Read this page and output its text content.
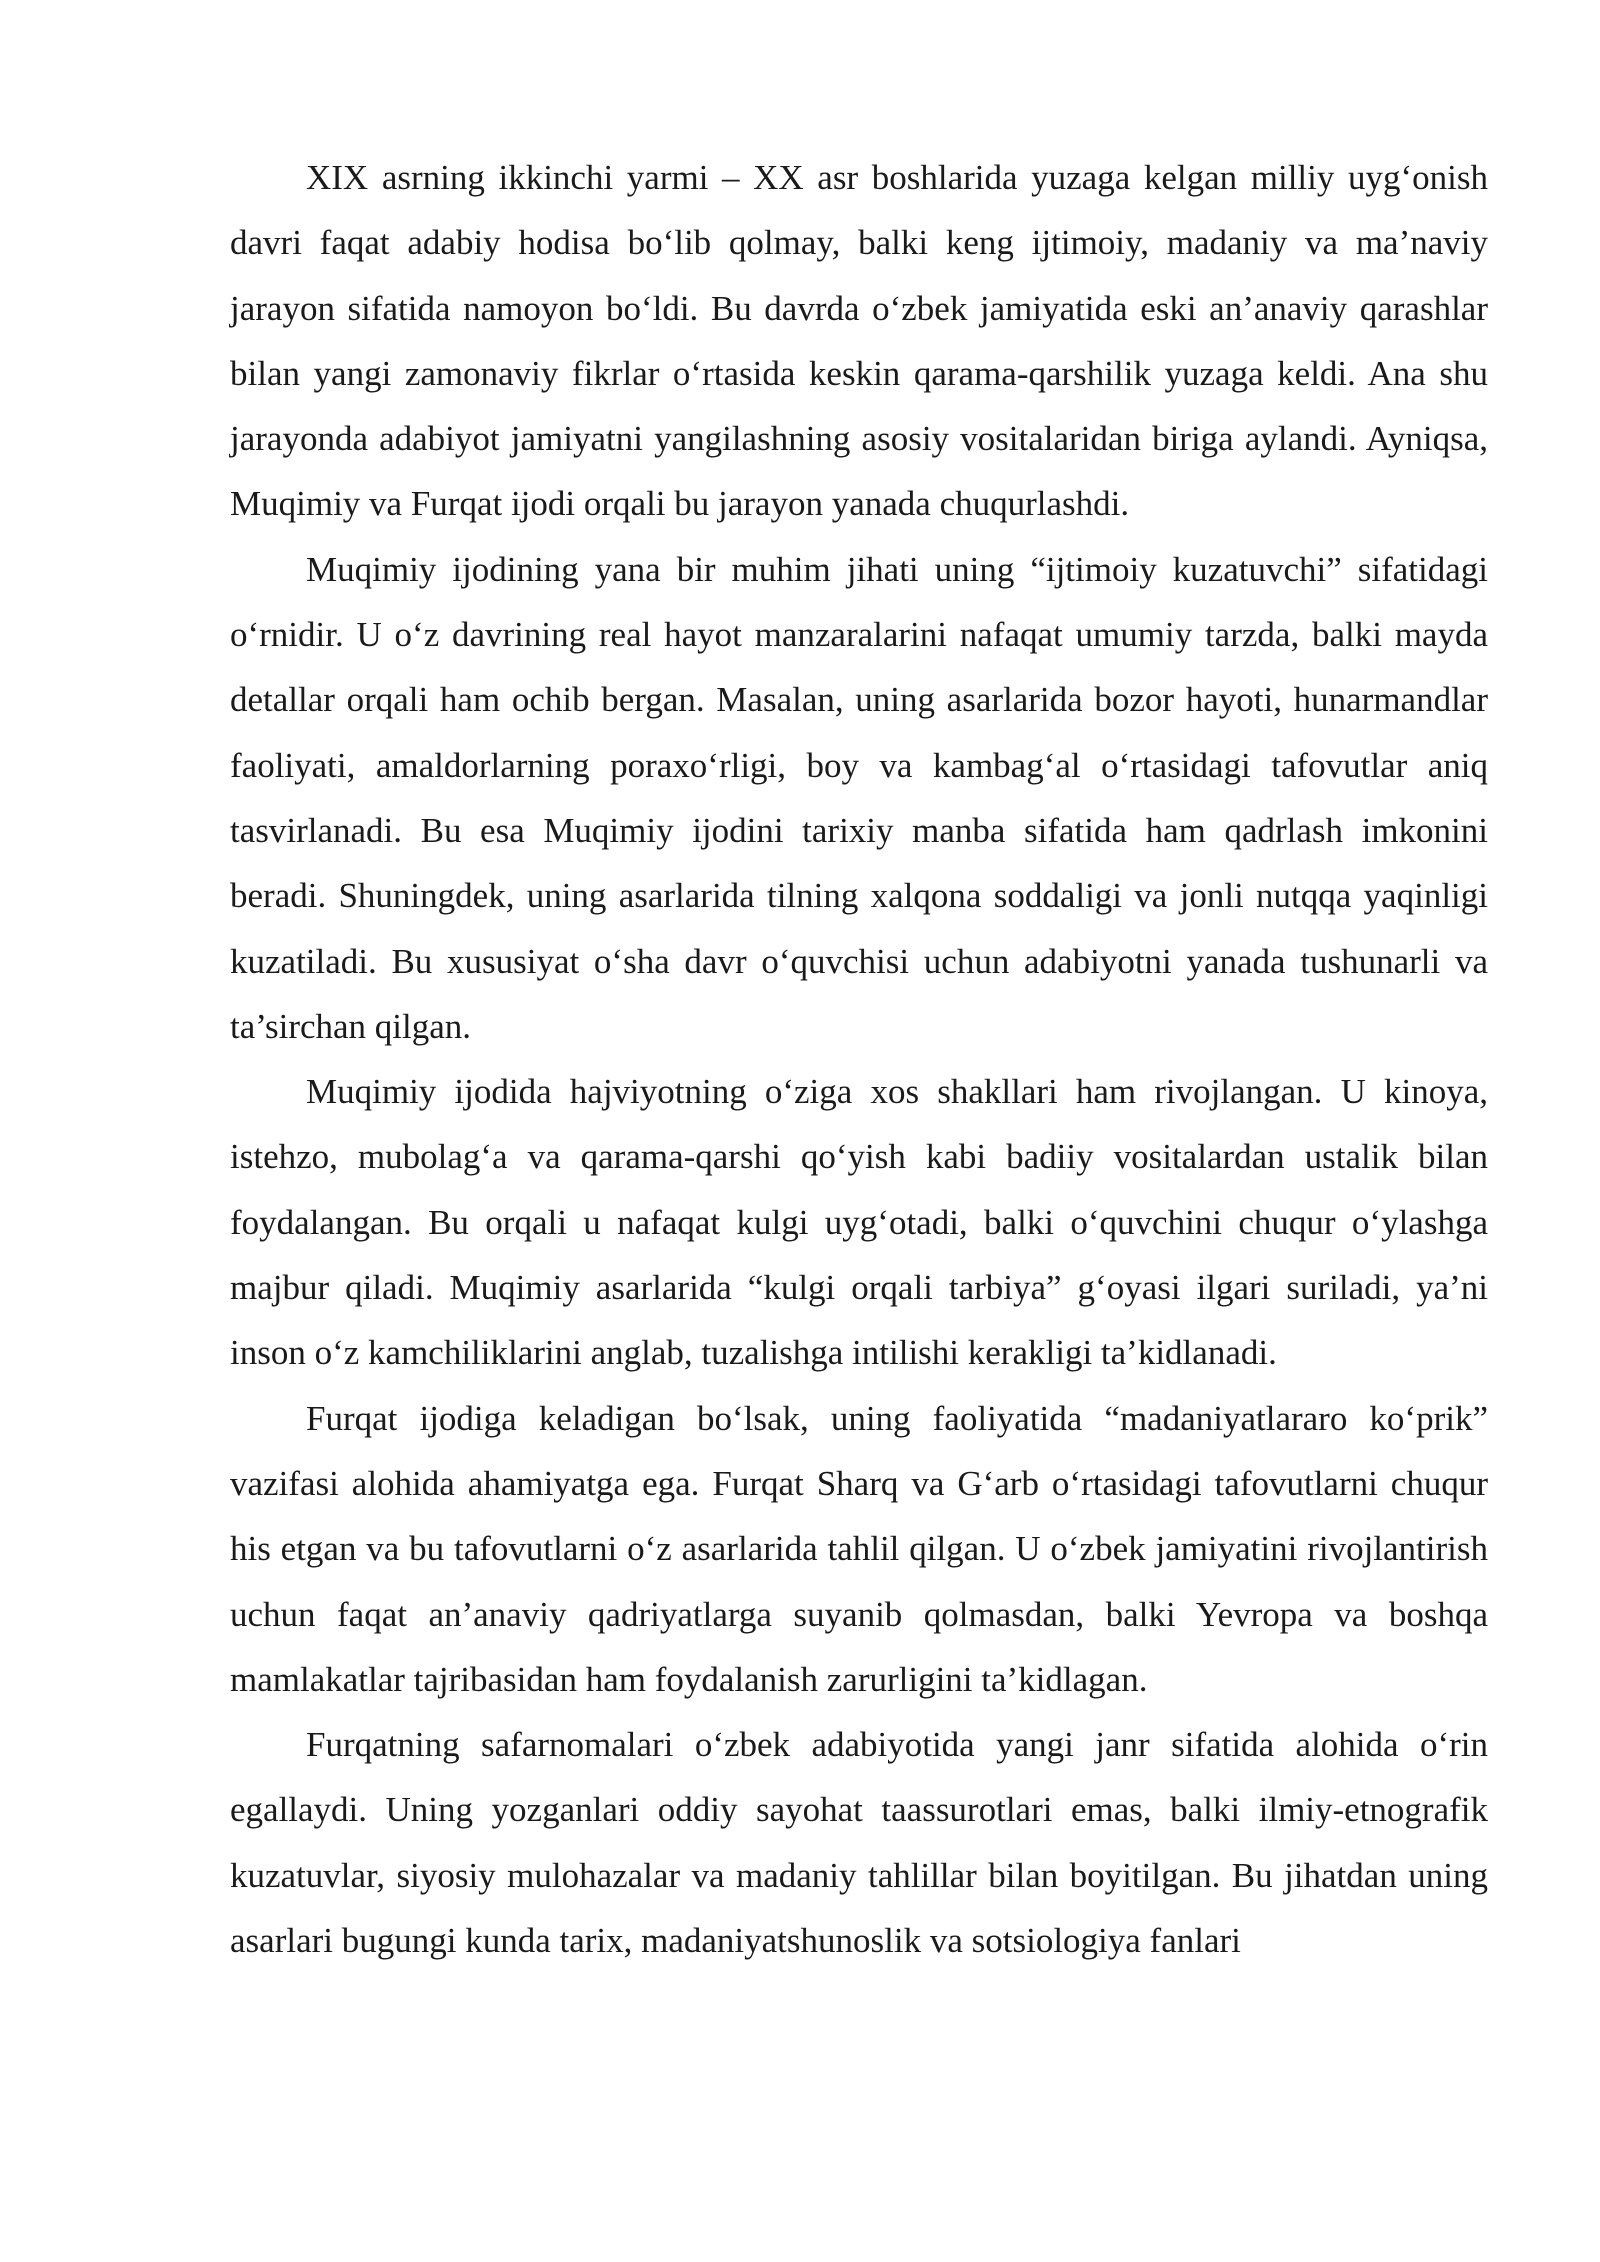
XIX asrning ikkinchi yarmi – XX asr boshlarida yuzaga kelgan milliy uyg‘onish davri faqat adabiy hodisa bo‘lib qolmay, balki keng ijtimoiy, madaniy va ma’naviy jarayon sifatida namoyon bo‘ldi. Bu davrda o‘zbek jamiyatida eski an’anaviy qarashlar bilan yangi zamonaviy fikrlar o‘rtasida keskin qarama-qarshilik yuzaga keldi. Ana shu jarayonda adabiyot jamiyatni yangilashning asosiy vositalaridan biriga aylandi. Ayniqsa, Muqimiy va Furqat ijodi orqali bu jarayon yanada chuqurlashdi.

Muqimiy ijodining yana bir muhim jihati uning “ijtimoiy kuzatuvchi” sifatidagi o‘rnidir. U o‘z davrining real hayot manzaralarini nafaqat umumiy tarzda, balki mayda detallar orqali ham ochib bergan. Masalan, uning asarlarida bozor hayoti, hunarmandlar faoliyati, amaldorlarning poraxo‘rligi, boy va kambag‘al o‘rtasidagi tafovutlar aniq tasvirlanadi. Bu esa Muqimiy ijodini tarixiy manba sifatida ham qadrlash imkonini beradi. Shuningdek, uning asarlarida tilning xalqona soddaligi va jonli nutqqa yaqinligi kuzatiladi. Bu xususiyat o‘sha davr o‘quvchisi uchun adabiyotni yanada tushunarli va ta’sirchan qilgan.

Muqimiy ijodida hajviyotning o‘ziga xos shakllari ham rivojlangan. U kinoya, istehzo, mubolag‘a va qarama-qarshi qo‘yish kabi badiiy vositalardan ustalik bilan foydalangan. Bu orqali u nafaqat kulgi uyg‘otadi, balki o‘quvchini chuqur o‘ylashga majbur qiladi. Muqimiy asarlarida “kulgi orqali tarbiya” g‘oyasi ilgari suriladi, ya’ni inson o‘z kamchiliklarini anglab, tuzalishga intilishi kerakligi ta’kidlanadi.

Furqat ijodiga keladigan bo‘lsak, uning faoliyatida “madaniyatlararo ko‘prik” vazifasi alohida ahamiyatga ega. Furqat Sharq va G‘arb o‘rtasidagi tafovutlarni chuqur his etgan va bu tafovutlarni o‘z asarlarida tahlil qilgan. U o‘zbek jamiyatini rivojlantirish uchun faqat an’anaviy qadriyatlarga suyanib qolmasdan, balki Yevropa va boshqa mamlakatlar tajribasidan ham foydalanish zarurligini ta’kidlagan.

Furqatning safarnomalari o‘zbek adabiyotida yangi janr sifatida alohida o‘rin egallaydi. Uning yozganlari oddiy sayohat taassurotlari emas, balki ilmiy-etnografik kuzatuvlar, siyosiy mulohazalar va madaniy tahlillar bilan boyitilgan. Bu jihatdan uning asarlari bugungi kunda tarix, madaniyatshunoslik va sotsiologiya fanlari
